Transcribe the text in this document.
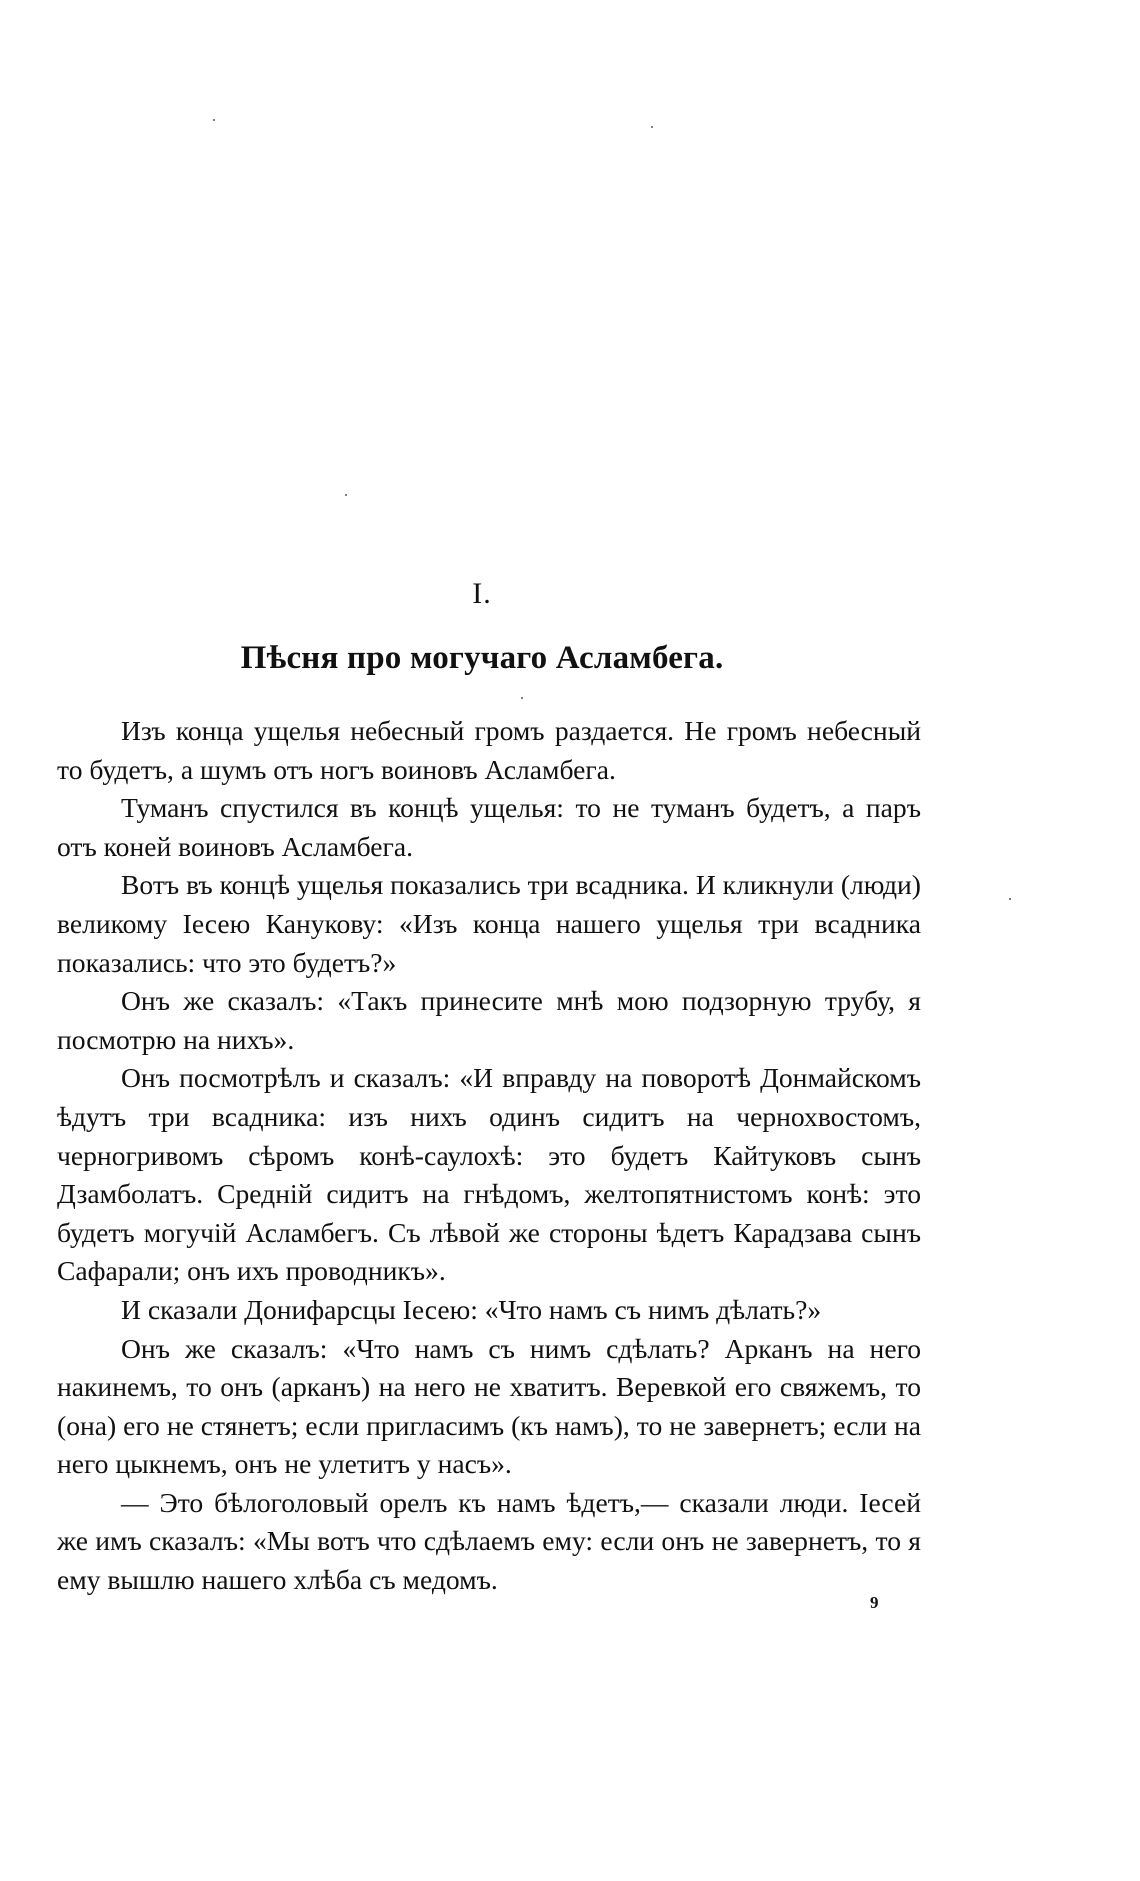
I.
Пѣсня про могучаго Асламбега.

Изъ конца ущелья небесный громъ раздается. Не громъ небесный то будетъ, а шумъ отъ ногъ воиновъ Асламбега.

Туманъ спустился въ концѣ ущелья: то не туманъ будетъ, а паръ отъ коней воиновъ Асламбега.

Вотъ въ концѣ ущелья показались три всадника. И кликнули (люди) великому Іесею Канукову: «Изъ конца нашего ущелья три всадника показались: что это будетъ?»

Онъ же сказалъ: «Такъ принесите мнѣ мою подзорную трубу, я посмотрю на нихъ».

Онъ посмотрѣлъ и сказалъ: «И вправду на поворотѣ Донмайскомъ ѣдутъ три всадника: изъ нихъ одинъ сидитъ на чернохвостомъ, черногривомъ сѣромъ конѣ-саулохѣ: это будетъ Кайтуковъ сынъ Дзамболатъ. Средній сидитъ на гнѣдомъ, желтопятнистомъ конѣ: это будетъ могучій Асламбегъ. Съ лѣвой же стороны ѣдетъ Карадзава сынъ Сафарали; онъ ихъ проводникъ».

И сказали Донифарсцы Іесею: «Что намъ съ нимъ дѣлать?»

Онъ же сказалъ: «Что намъ съ нимъ сдѣлать? Арканъ на него накинемъ, то онъ (арканъ) на него не хватитъ. Веревкой его свяжемъ, то (она) его не стянетъ; если пригласимъ (къ намъ), то не завернетъ; если на него цыкнемъ, онъ не улетитъ у насъ».

— Это бѣлоголовый орелъ къ намъ ѣдетъ,— сказали люди. Іесей же имъ сказалъ: «Мы вотъ что сдѣлаемъ ему: если онъ не завернетъ, то я ему вышлю нашего хлѣба съ медомъ.

9
